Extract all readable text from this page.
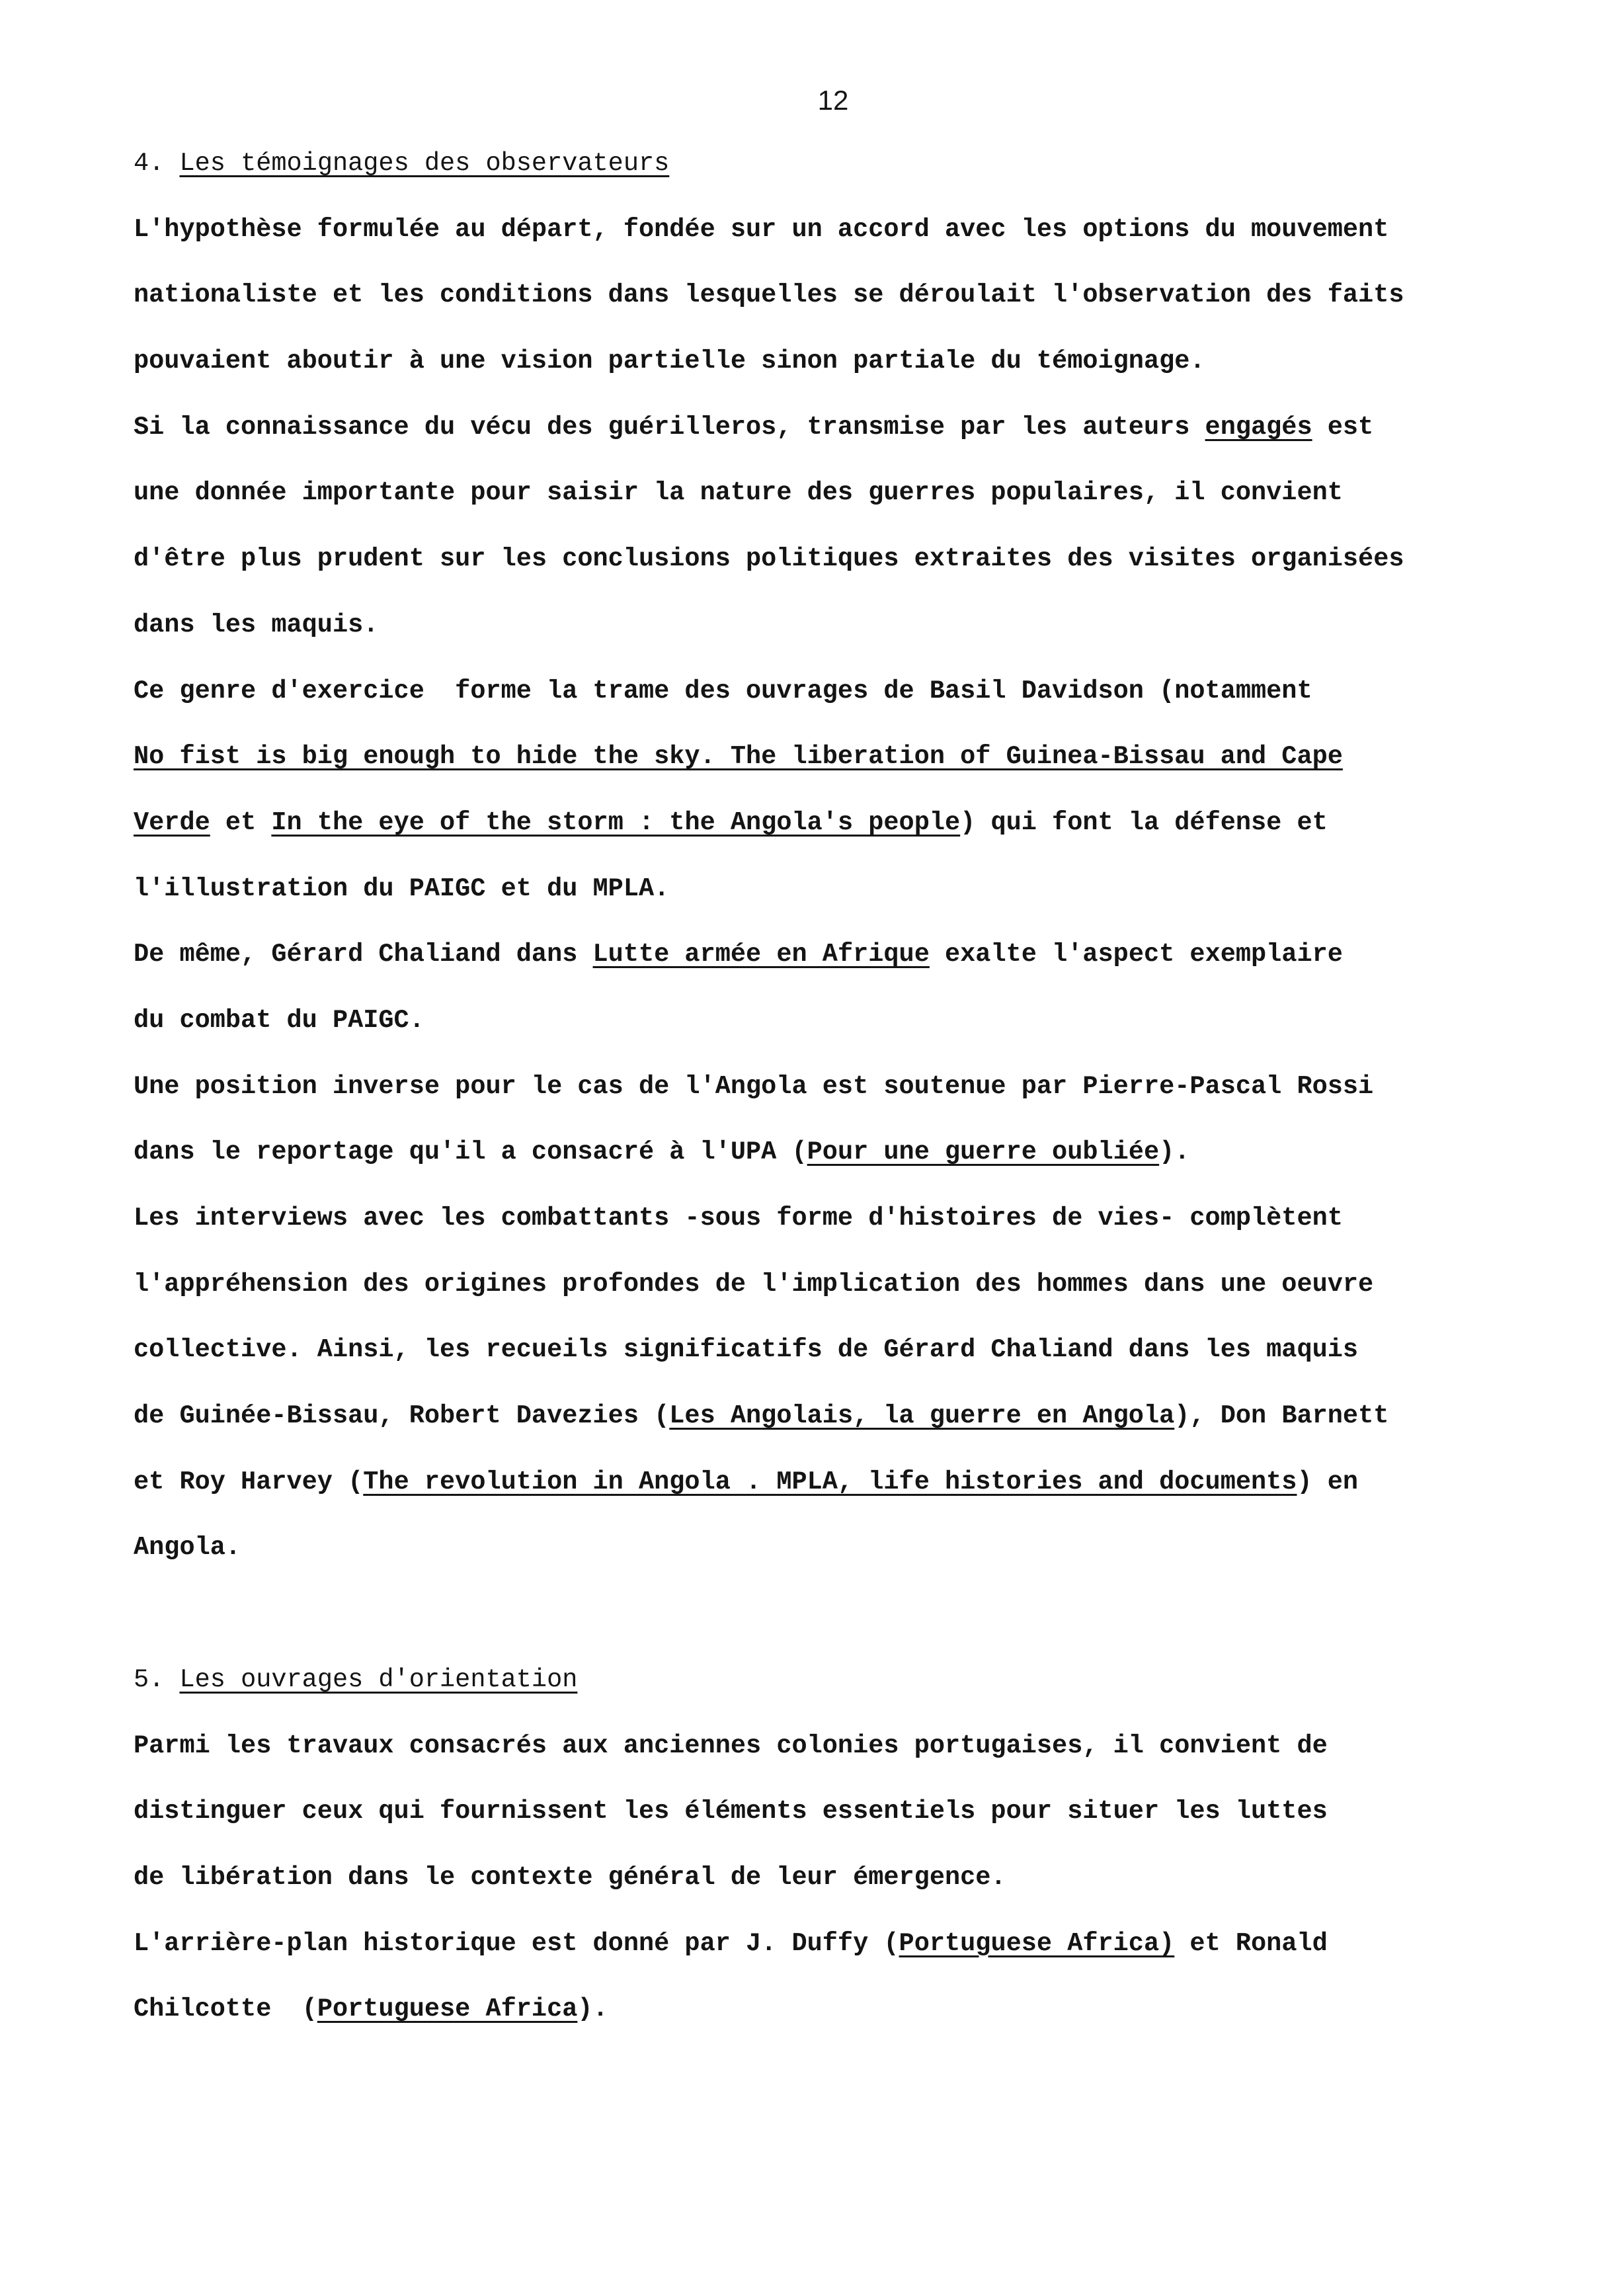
12
4. Les témoignages des observateurs
L'hypothèse formulée au départ, fondée sur un accord avec les options du mouvement
nationaliste et les conditions dans lesquelles se déroulait l'observation des faits
pouvaient aboutir à une vision partielle sinon partiale du témoignage.
Si la connaissance du vécu des guérilleros, transmise par les auteurs engagés est
une donnée importante pour saisir la nature des guerres populaires, il convient
d'être plus prudent sur les conclusions politiques extraites des visites organisées
dans les maquis.
Ce genre d'exercice  forme la trame des ouvrages de Basil Davidson (notamment
No fist is big enough to hide the sky. The liberation of Guinea-Bissau and Cape
Verde et In the eye of the storm : the Angola's people) qui font la défense et
l'illustration du PAIGC et du MPLA.
De même, Gérard Chaliand dans Lutte armée en Afrique exalte l'aspect exemplaire
du combat du PAIGC.
Une position inverse pour le cas de l'Angola est soutenue par Pierre-Pascal Rossi
dans le reportage qu'il a consacré à l'UPA (Pour une guerre oubliée).
Les interviews avec les combattants -sous forme d'histoires de vies- complètent
l'appréhension des origines profondes de l'implication des hommes dans une oeuvre
collective. Ainsi, les recueils significatifs de Gérard Chaliand dans les maquis
de Guinée-Bissau, Robert Davezies (Les Angolais, la guerre en Angola), Don Barnett
et Roy Harvey (The revolution in Angola . MPLA, life histories and documents) en
Angola.
5. Les ouvrages d'orientation
Parmi les travaux consacrés aux anciennes colonies portugaises, il convient de
distinguer ceux qui fournissent les éléments essentiels pour situer les luttes
de libération dans le contexte général de leur émergence.
L'arrière-plan historique est donné par J. Duffy (Portuguese Africa) et Ronald
Chilcotte  (Portuguese Africa).
